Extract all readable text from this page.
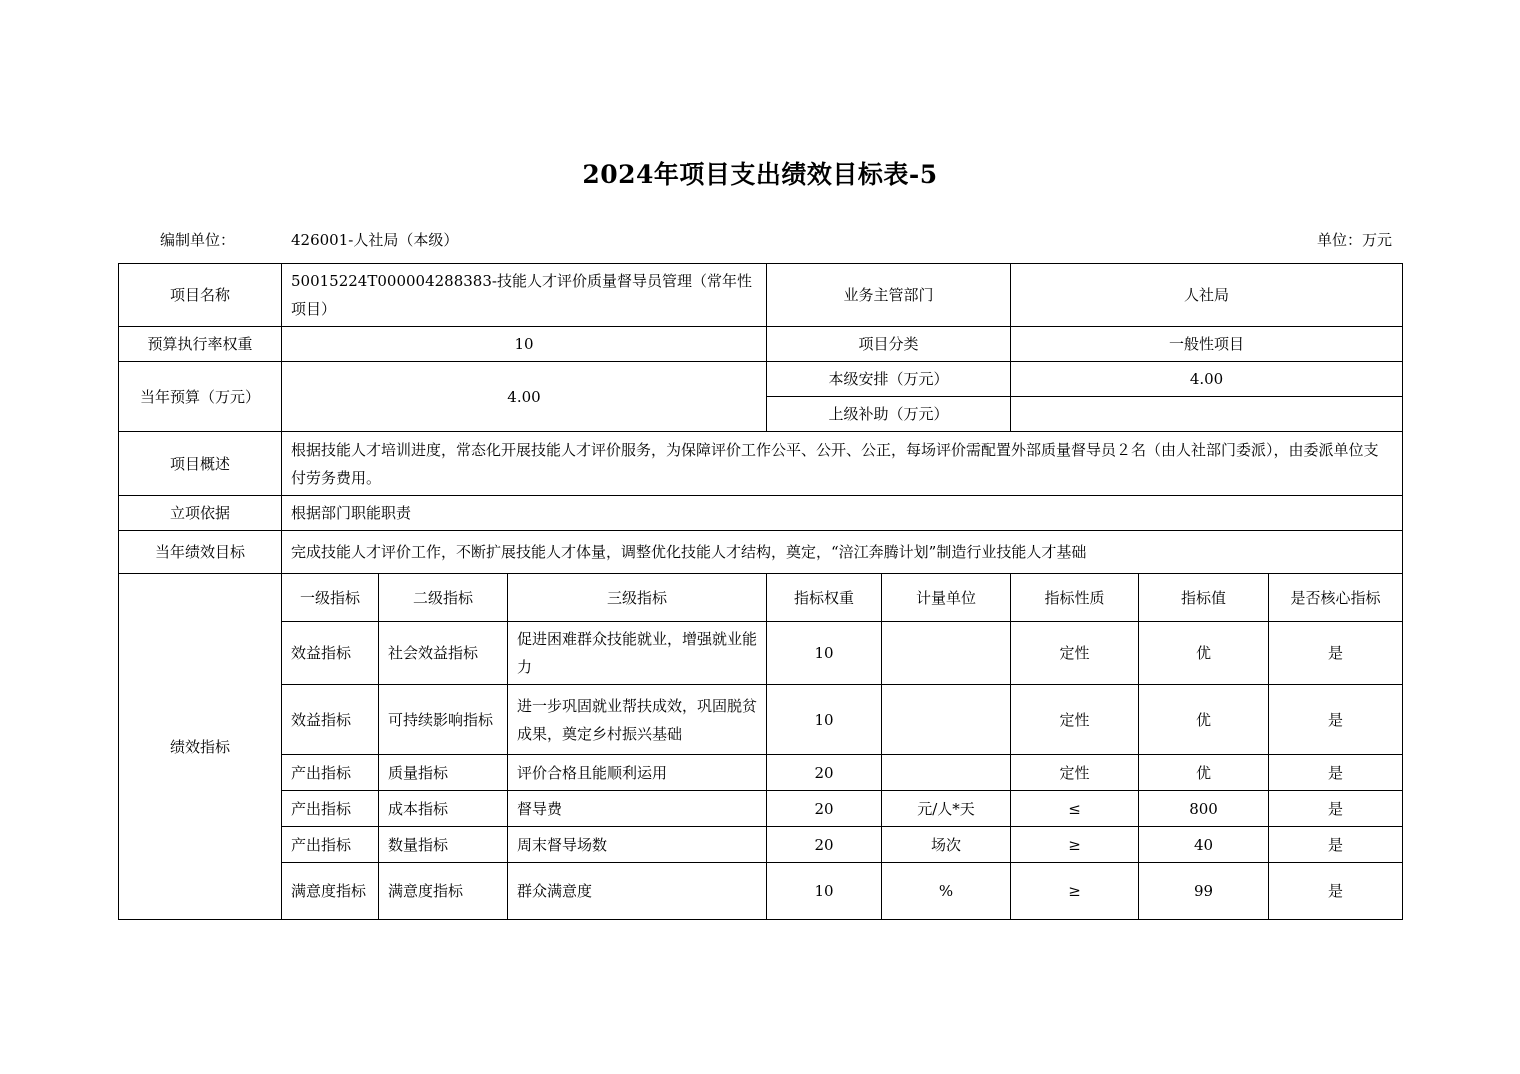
2024年项目支出绩效目标表-5
编制单位：	426001-人社局（本级）	单位：万元
项目名称	50015224T000004288383-技能人才评价质量督导员管理（常年性项目）			业务主管部门		人社局		
预算执行率权重	10			项目分类		一般性项目		
当年预算（万元）	4.00			本级安排（万元）		4.00		
				上级补助（万元）				
项目概述	根据技能人才培训进度，常态化开展技能人才评价服务，为保障评价工作公平、公开、公正，每场评价需配置外部质量督导员２名（由人社部门委派），由委派单位支付劳务费用。							
立项依据	根据部门职能职责							
当年绩效目标	完成技能人才评价工作，不断扩展技能人才体量，调整优化技能人才结构，奠定，“涪江奔腾计划”制造行业技能人才基础							
绩效指标	一级指标	二级指标	三级指标	指标权重	计量单位	指标性质	指标值	是否核心指标
	效益指标	社会效益指标	促进困难群众技能就业，增强就业能力	10		定性	优	是
	效益指标	可持续影响指标	进一步巩固就业帮扶成效，巩固脱贫成果，奠定乡村振兴基础	10		定性	优	是
	产出指标	质量指标	评价合格且能顺利运用	20		定性	优	是
	产出指标	成本指标	督导费	20	元/人*天	≤	800	是
	产出指标	数量指标	周末督导场数	20	场次	≥	40	是
	满意度指标	满意度指标	群众满意度	10	%	≥	99	是
